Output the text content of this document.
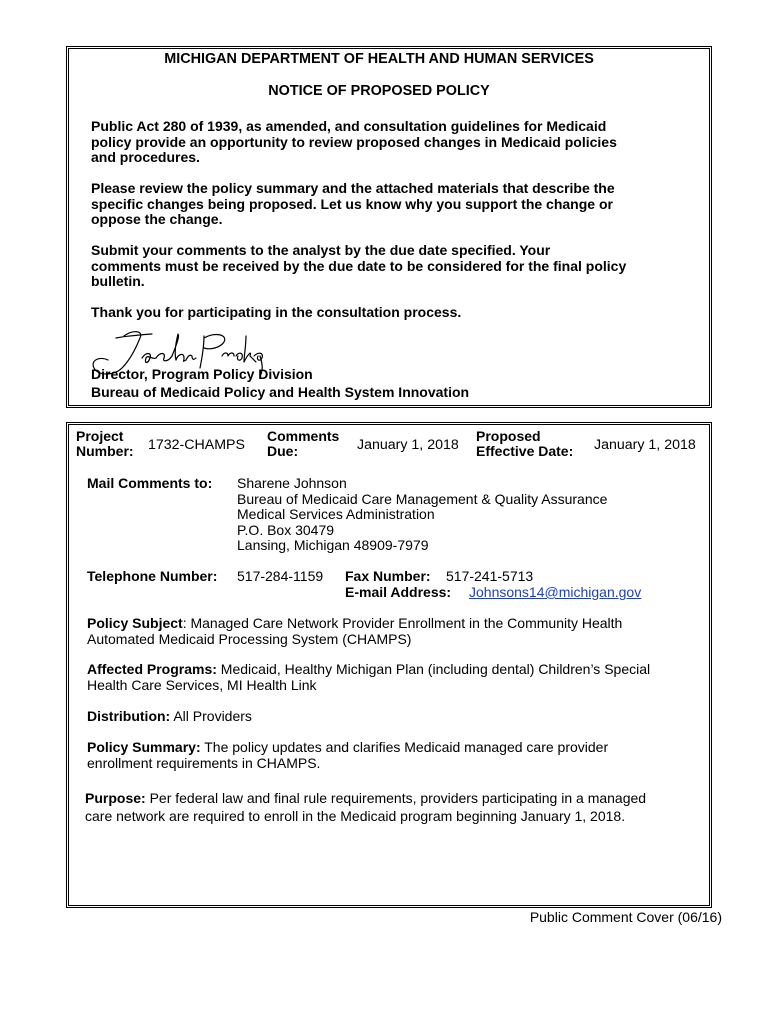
MICHIGAN DEPARTMENT OF HEALTH AND HUMAN SERVICES
NOTICE OF PROPOSED POLICY
Public Act 280 of 1939, as amended, and consultation guidelines for Medicaid
policy provide an opportunity to review proposed changes in Medicaid policies
and procedures.
Please review the policy summary and the attached materials that describe the
specific changes being proposed. Let us know why you support the change or
oppose the change.
Submit your comments to the analyst by the due date specified. Your
comments must be received by the due date to be considered for the final policy
bulletin.
Thank you for participating in the consultation process.
Director, Program Policy Division
Bureau of Medicaid Policy and Health System Innovation
Project
Number: 1732-CHAMPS
Comments
Due:	January 1, 2018
Proposed
Effective Date: January 1, 2018
Mail Comments to: Sharene Johnson
Bureau of Medicaid Care Management & Quality Assurance
Medical Services Administration
P.O. Box 30479
Lansing, Michigan 48909-7979
Telephone Number: 517-284-1159 Fax Number: 517-241-5713
E-mail Address: Johnsons14@michigan.gov
Policy Subject: Managed Care Network Provider Enrollment in the Community Health
Automated Medicaid Processing System (CHAMPS)
Affected Programs: Medicaid, Healthy Michigan Plan (including dental) Children’s Special
Health Care Services, MI Health Link
Distribution: All Providers
Policy Summary: The policy updates and clarifies Medicaid managed care provider
enrollment requirements in CHAMPS.
Purpose: Per federal law and final rule requirements, providers participating in a managed
care network are required to enroll in the Medicaid program beginning January 1, 2018.
Public Comment Cover (06/16)
